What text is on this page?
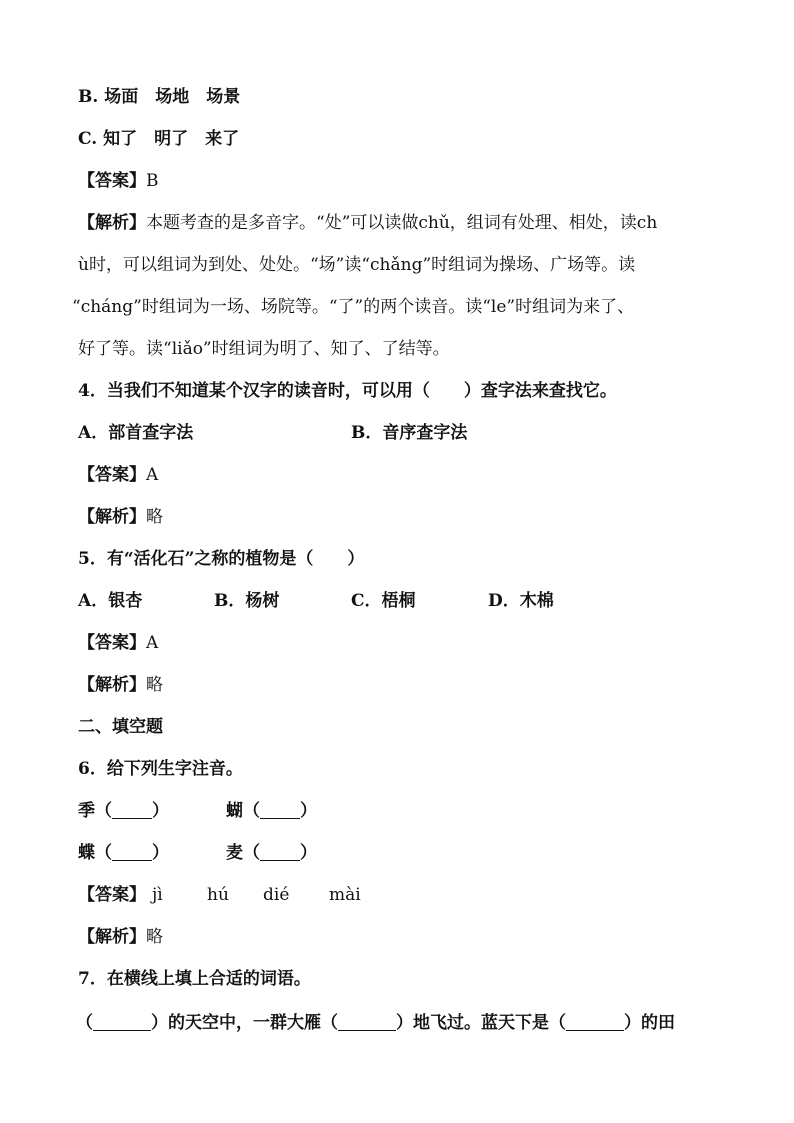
B. 场面　场地　场景
C. 知了　明了　来了
【答案】B
【解析】本题考查的是多音字。“处”可以读做chǔ，组词有处理、相处，读ch
ù时，可以组词为到处、处处。“场”读“chǎng”时组词为操场、广场等。读
“cháng”时组词为一场、场院等。“了”的两个读音。读“le”时组词为来了、
好了等。读“liǎo”时组词为明了、知了、了结等。
4．当我们不知道某个汉字的读音时，可以用（　　）查字法来查找它。
A．部首查字法	B．音序查字法
【答案】A
【解析】略
5．有“活化石”之称的植物是（　　）
A．银杏	B．杨树	C．梧桐	D．木棉
【答案】A
【解析】略
二、填空题
6．给下列生字注音。
季（ ）	蝴（ ）
蝶（ ）	麦（ ）
【答案】 jì	hú dié mài
【解析】略
7．在横线上填上合适的词语。
（	）的天空中，一群大雁（	）地飞过。蓝天下是（	）的田
